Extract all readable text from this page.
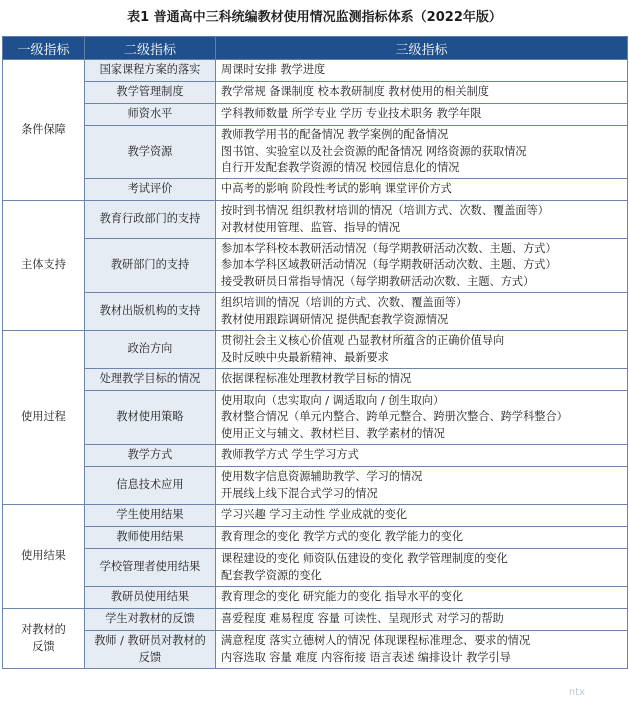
表1 普通高中三科统编教材使用情况监测指标体系（2022年版）
一级指标	二级指标	三级指标
条件保障	国家课程方案的落实	周课时安排 教学进度

	教学管理制度	教学常规 备课制度 校本教研制度 教材使用的相关制度

	师资水平	学科教师数量 所学专业 学历 专业技术职务 教学年限

	教学资源	教师教学用书的配备情况 教学案例的配备情况
图书馆、实验室以及社会资源的配备情况 网络资源的获取情况
自行开发配套教学资源的情况 校园信息化的情况

	考试评价	中高考的影响 阶段性考试的影响 课堂评价方式

主体支持	教育行政部门的支持	按时到书情况 组织教材培训的情况（培训方式、次数、覆盖面等）
对教材使用管理、监管、指导的情况

	教研部门的支持	参加本学科校本教研活动情况（每学期教研活动次数、主题、方式）
参加本学科区域教研活动情况（每学期教研活动次数、主题、方式）
接受教研员日常指导情况（每学期教研活动次数、主题、方式）

	教材出版机构的支持	组织培训的情况（培训的方式、次数、覆盖面等）
教材使用跟踪调研情况 提供配套教学资源情况

使用过程	政治方向	贯彻社会主义核心价值观 凸显教材所蕴含的正确价值导向
及时反映中央最新精神、最新要求

	处理教学目标的情况	依据课程标准处理教材教学目标的情况

	教材使用策略	使用取向（忠实取向 / 调适取向 / 创生取向）
教材整合情况（单元内整合、跨单元整合、跨册次整合、跨学科整合）
使用正文与辅文、教材栏目、教学素材的情况

	教学方式	教师教学方式 学生学习方式

	信息技术应用	使用数字信息资源辅助教学、学习的情况
开展线上线下混合式学习的情况

使用结果	学生使用结果	学习兴趣 学习主动性 学业成就的变化

	教师使用结果	教育理念的变化 教学方式的变化 教学能力的变化

	学校管理者使用结果	课程建设的变化 师资队伍建设的变化 教学管理制度的变化
配套教学资源的变化

	教研员使用结果	教育理念的变化 研究能力的变化 指导水平的变化

对教材的反馈	学生对教材的反馈	喜爱程度 难易程度 容量 可读性、呈现形式 对学习的帮助

	教师 / 教研员对教材的反馈	满意程度 落实立德树人的情况 体现课程标准理念、要求的情况
内容选取 容量 难度 内容衔接 语言表述 编排设计 教学引导
ntx
